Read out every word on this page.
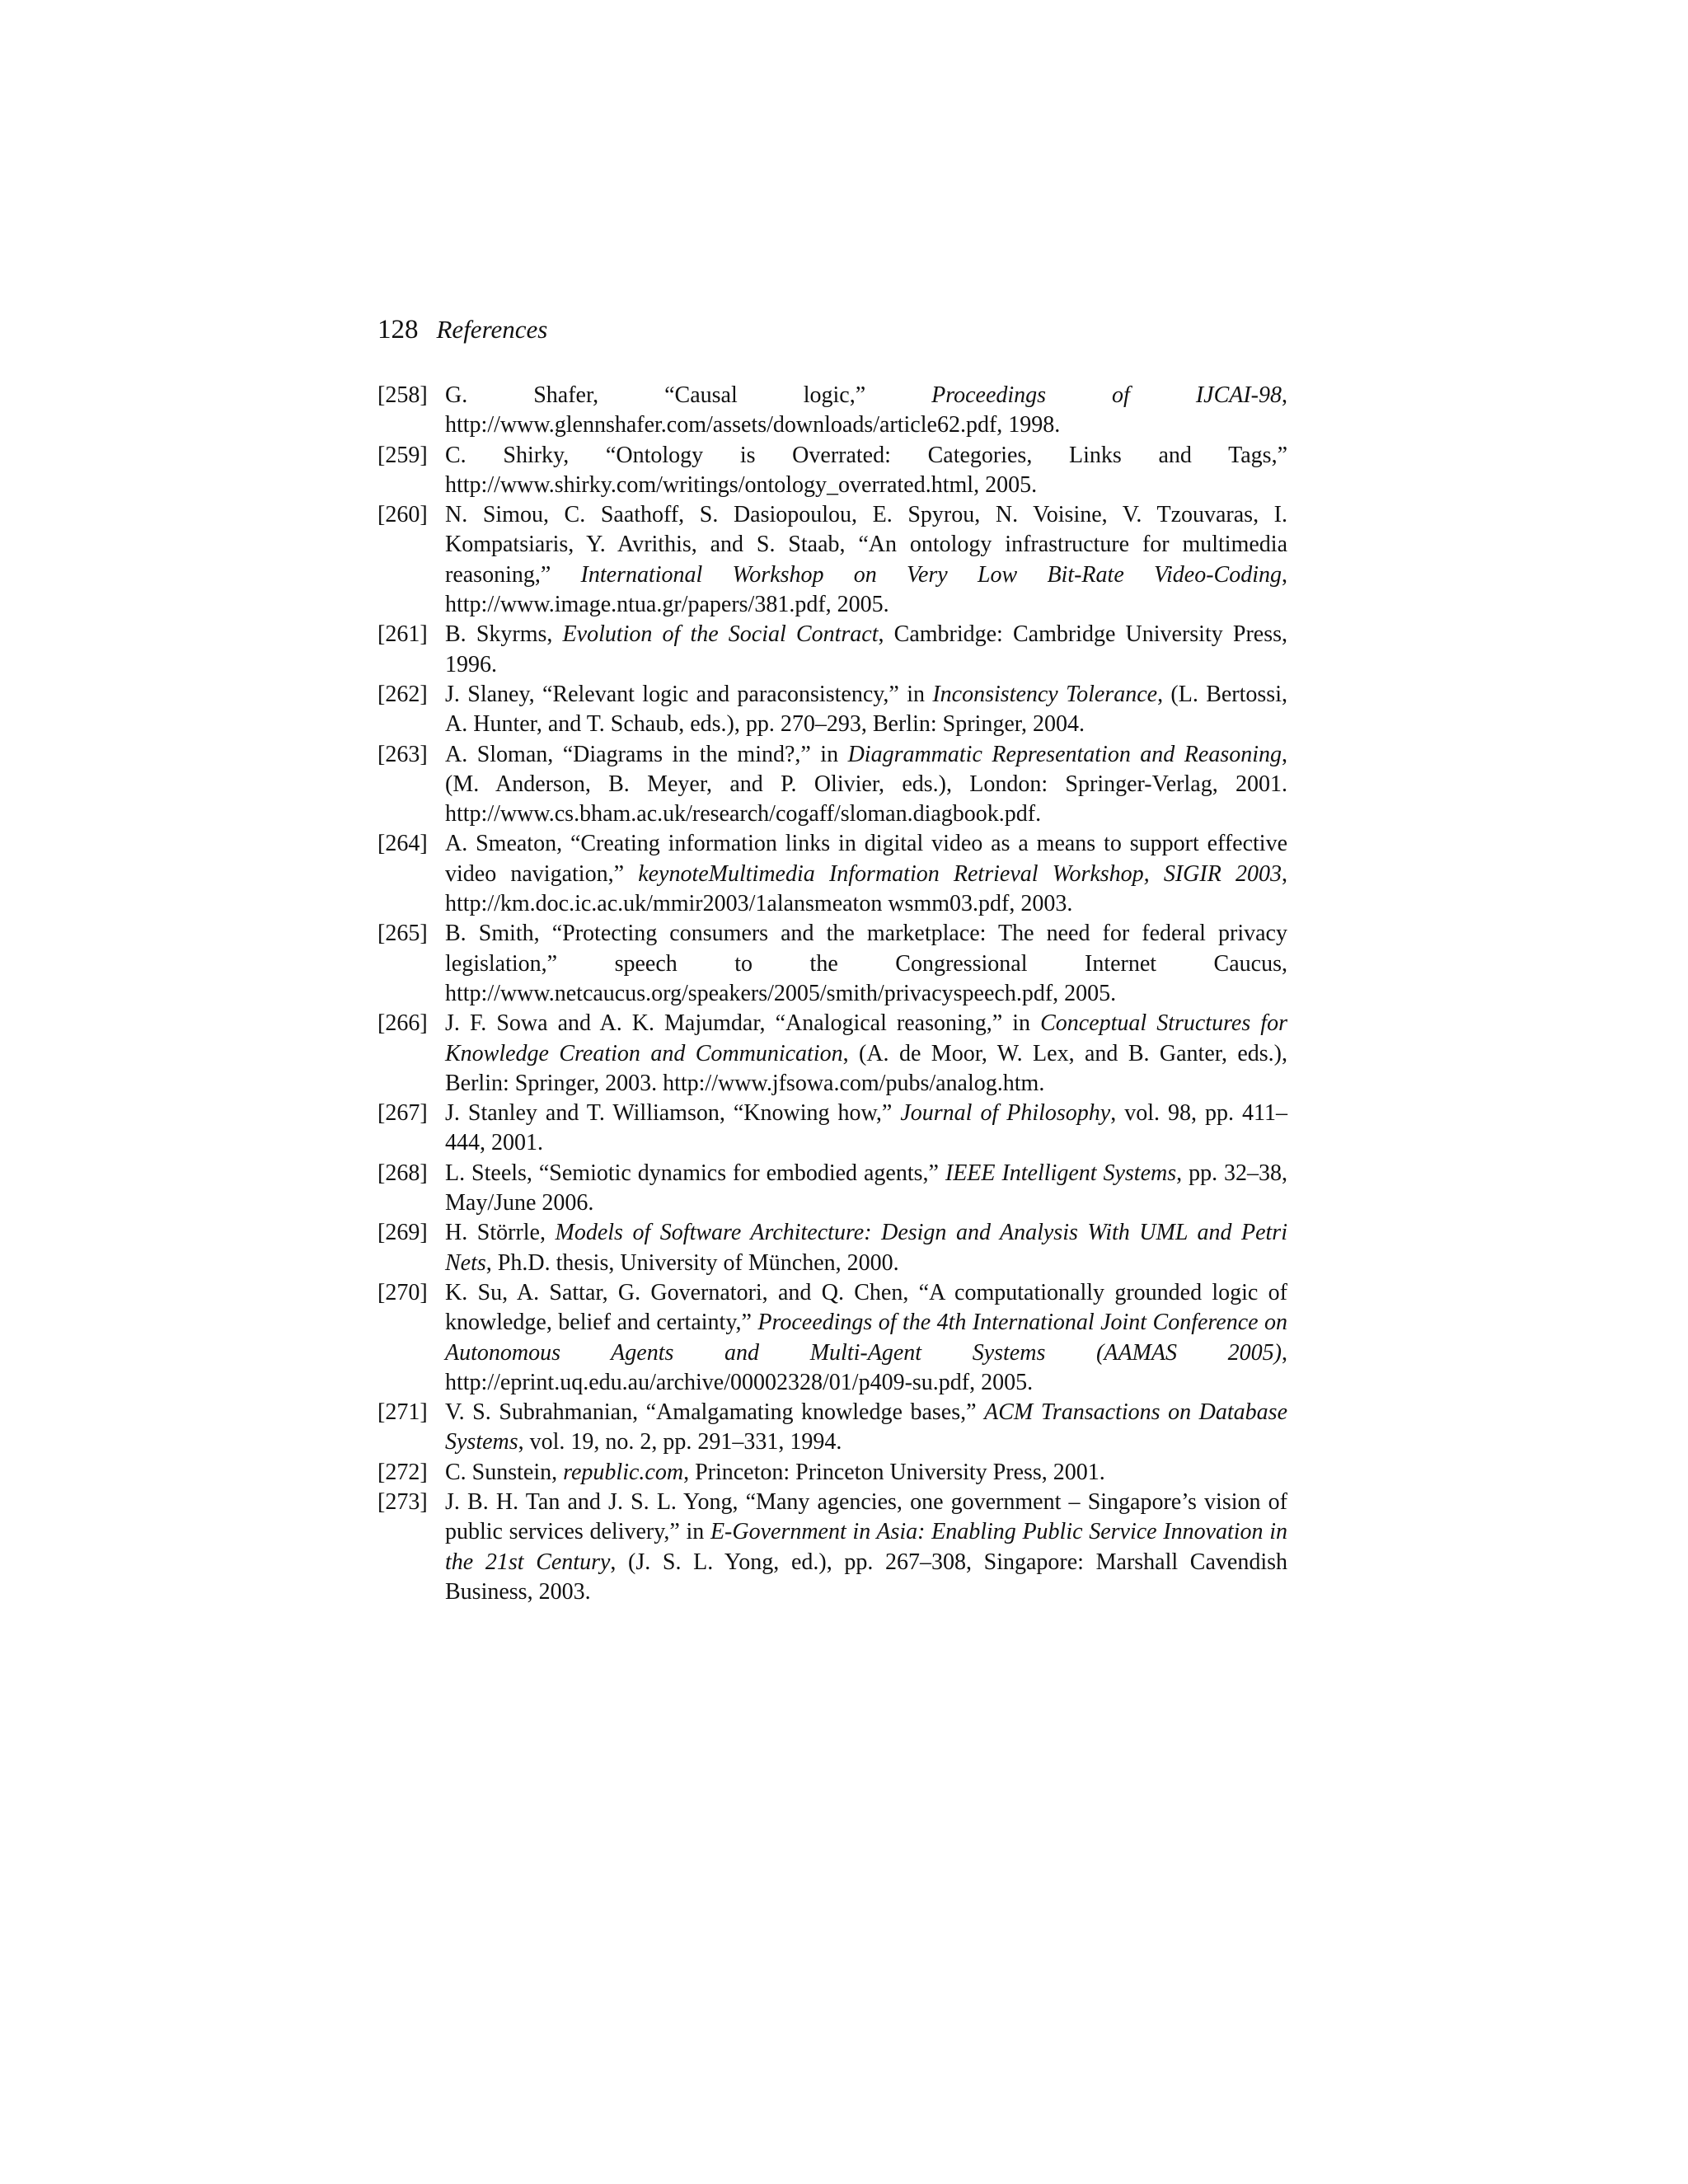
128 References
[258] G. Shafer, “Causal logic,” Proceedings of IJCAI-98, http://www.glennshafer.com/assets/downloads/article62.pdf, 1998.
[259] C. Shirky, “Ontology is Overrated: Categories, Links and Tags,” http://www.shirky.com/writings/ontology_overrated.html, 2005.
[260] N. Simou, C. Saathoff, S. Dasiopoulou, E. Spyrou, N. Voisine, V. Tzouvaras, I. Kompatsiaris, Y. Avrithis, and S. Staab, “An ontology infrastructure for multimedia reasoning,” International Workshop on Very Low Bit-Rate Video-Coding, http://www.image.ntua.gr/papers/381.pdf, 2005.
[261] B. Skyrms, Evolution of the Social Contract, Cambridge: Cambridge University Press, 1996.
[262] J. Slaney, “Relevant logic and paraconsistency,” in Inconsistency Tolerance, (L. Bertossi, A. Hunter, and T. Schaub, eds.), pp. 270–293, Berlin: Springer, 2004.
[263] A. Sloman, “Diagrams in the mind?,” in Diagrammatic Representation and Reasoning, (M. Anderson, B. Meyer, and P. Olivier, eds.), London: Springer-Verlag, 2001. http://www.cs.bham.ac.uk/research/cogaff/sloman.diagbook.pdf.
[264] A. Smeaton, “Creating information links in digital video as a means to support effective video navigation,” keynoteMultimedia Information Retrieval Workshop, SIGIR 2003, http://km.doc.ic.ac.uk/mmir2003/1alansmeaton wsmm03.pdf, 2003.
[265] B. Smith, “Protecting consumers and the marketplace: The need for federal privacy legislation,” speech to the Congressional Internet Caucus, http://www.netcaucus.org/speakers/2005/smith/privacyspeech.pdf, 2005.
[266] J. F. Sowa and A. K. Majumdar, “Analogical reasoning,” in Conceptual Structures for Knowledge Creation and Communication, (A. de Moor, W. Lex, and B. Ganter, eds.), Berlin: Springer, 2003. http://www.jfsowa.com/pubs/analog.htm.
[267] J. Stanley and T. Williamson, “Knowing how,” Journal of Philosophy, vol. 98, pp. 411–444, 2001.
[268] L. Steels, “Semiotic dynamics for embodied agents,” IEEE Intelligent Systems, pp. 32–38, May/June 2006.
[269] H. Störrle, Models of Software Architecture: Design and Analysis With UML and Petri Nets, Ph.D. thesis, University of München, 2000.
[270] K. Su, A. Sattar, G. Governatori, and Q. Chen, “A computationally grounded logic of knowledge, belief and certainty,” Proceedings of the 4th International Joint Conference on Autonomous Agents and Multi-Agent Systems (AAMAS 2005), http://eprint.uq.edu.au/archive/00002328/01/p409-su.pdf, 2005.
[271] V. S. Subrahmanian, “Amalgamating knowledge bases,” ACM Transactions on Database Systems, vol. 19, no. 2, pp. 291–331, 1994.
[272] C. Sunstein, republic.com, Princeton: Princeton University Press, 2001.
[273] J. B. H. Tan and J. S. L. Yong, “Many agencies, one government – Singapore’s vision of public services delivery,” in E-Government in Asia: Enabling Public Service Innovation in the 21st Century, (J. S. L. Yong, ed.), pp. 267–308, Singapore: Marshall Cavendish Business, 2003.
